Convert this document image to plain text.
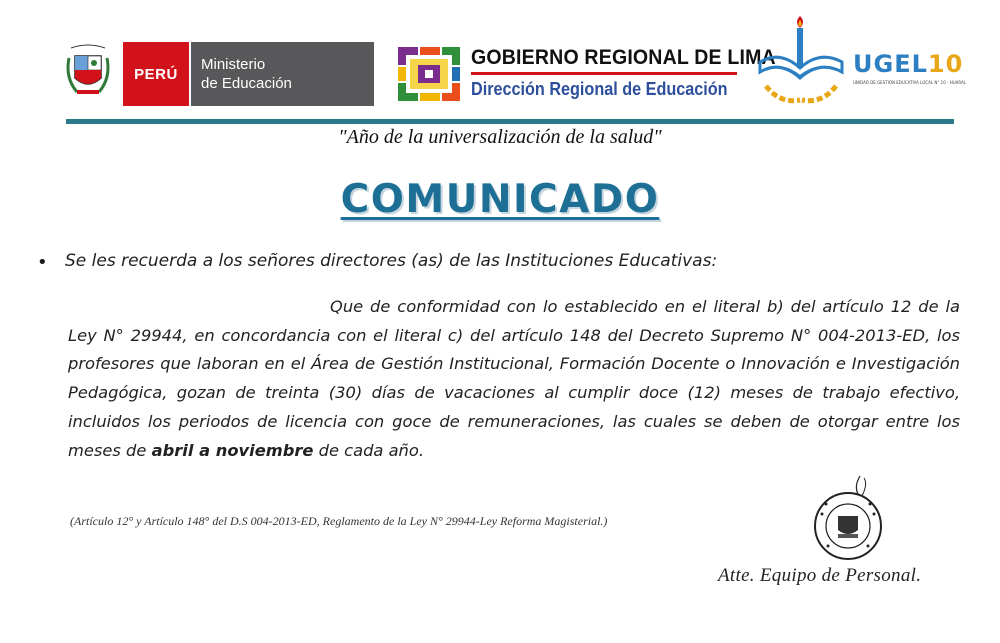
PERÚ
Ministerio
de Educación
GOBIERNO REGIONAL DE LIMA
Dirección Regional de Educación
UGEL10
UNIDAD DE GESTIÓN EDUCATIVA LOCAL N° 10 - HUARAL
"Año de la universalización de la salud"
COMUNICADO
• Se les recuerda a los señores directores (as) de las Instituciones Educativas:
Que de conformidad con lo establecido en el literal b) del artículo 12 de la Ley N° 29944, en concordancia con el literal c) del artículo 148 del Decreto Supremo N° 004-2013-ED, los profesores que laboran en el Área de Gestión Institucional, Formación Docente o Innovación e Investigación Pedagógica, gozan de treinta (30) días de vacaciones al cumplir doce (12) meses de trabajo efectivo, incluidos los periodos de licencia con goce de remuneraciones, las cuales se deben de otorgar entre los meses de abril a noviembre de cada año.
(Artículo 12° y Artículo 148° del D.S 004-2013-ED, Reglamento de la Ley N° 29944-Ley Reforma Magisterial.)
Atte. Equipo de Personal.
